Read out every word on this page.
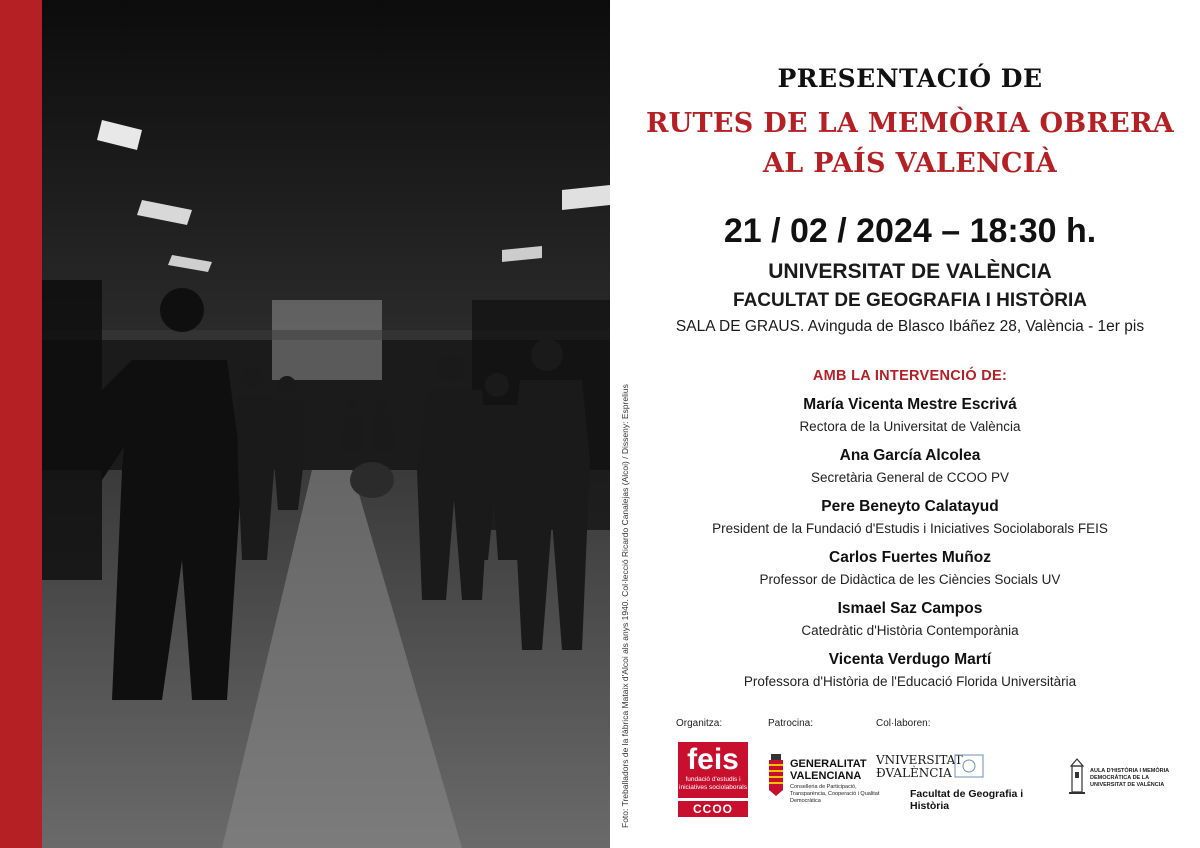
Foto: Treballadors de la fàbrica Mataix d'Alcoi als anys 1940. Col·lecció Ricardo Canalejas (Alcoi) / Disseny: Esprelius
PRESENTACIÓ DE
RUTES DE LA MEMÒRIA OBRERA
AL PAÍS VALENCIÀ
21 / 02 / 2024 – 18:30 h.
UNIVERSITAT DE VALÈNCIA
FACULTAT DE GEOGRAFIA I HISTÒRIA
SALA DE GRAUS. Avinguda de Blasco Ibáñez 28, València - 1er pis
AMB LA INTERVENCIÓ DE:
María Vicenta Mestre Escrivá
Rectora de la Universitat de València
Ana García Alcolea
Secretària General de CCOO PV
Pere Beneyto Calatayud
President de la Fundació d'Estudis i Iniciatives Sociolaborals FEIS
Carlos Fuertes Muñoz
Professor de Didàctica de les Ciències Socials UV
Ismael Saz Campos
Catedràtic d'Història Contemporània
Vicenta Verdugo Martí
Professora d'Història de l'Educació Florida Universitària
Organitza:	Patrocina:	Col·laboren:
feis
fundació d'estudis i iniciatives sociolaborals
CCOO
GENERALITAT
VALENCIANA
Conselleria de Participació, Transparència, Cooperació i Qualitat Democràtica
VNIVERSITAT
ÐVALÈNCIA
Facultat de Geografia i Història
AULA D'HISTÒRIA I MEMÒRIA DEMOCRÀTICA DE LA UNIVERSITAT DE VALÈNCIA
